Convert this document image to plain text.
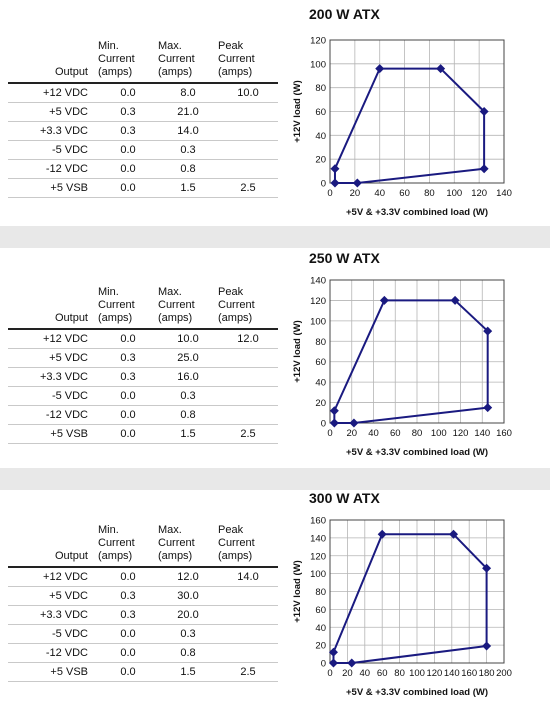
200 W ATX
Output	Min.
Current
(amps)	Max.
Current
(amps)	Peak
Current
(amps)
+12 VDC	0.0	8.0	10.0
+5 VDC	0.3	21.0	
+3.3 VDC	0.3	14.0	
-5 VDC	0.0	0.3	
-12 VDC	0.0	0.8	
+5 VSB	0.0	1.5	2.5	0 20 40 60 80 100 120 140
0
20
40
60
80
100
120
+5V & +3.3V combined load (W)
+12V load (W)
250 W ATX
Output	Min.
Current
(amps)	Max.
Current
(amps)	Peak
Current
(amps)
+12 VDC	0.0	10.0	12.0
+5 VDC	0.3	25.0	
+3.3 VDC	0.3	16.0	
-5 VDC	0.0	0.3	
-12 VDC	0.0	0.8	
+5 VSB	0.0	1.5	2.5	0 20 40 60 80 100 120 140 160
0
20
40
60
80
100
120
140
+5V & +3.3V combined load (W)
+12V load (W)
300 W ATX
Output	Min.
Current
(amps)	Max.
Current
(amps)	Peak
Current
(amps)
+12 VDC	0.0	12.0	14.0
+5 VDC	0.3	30.0	
+3.3 VDC	0.3	20.0	
-5 VDC	0.0	0.3	
-12 VDC	0.0	0.8	
+5 VSB	0.0	1.5	2.5	0 20 40 60 80 100 120 140 160 180 200
0
20
40
60
80
100
120
140
160
+5V & +3.3V combined load (W)
+12V load (W)
